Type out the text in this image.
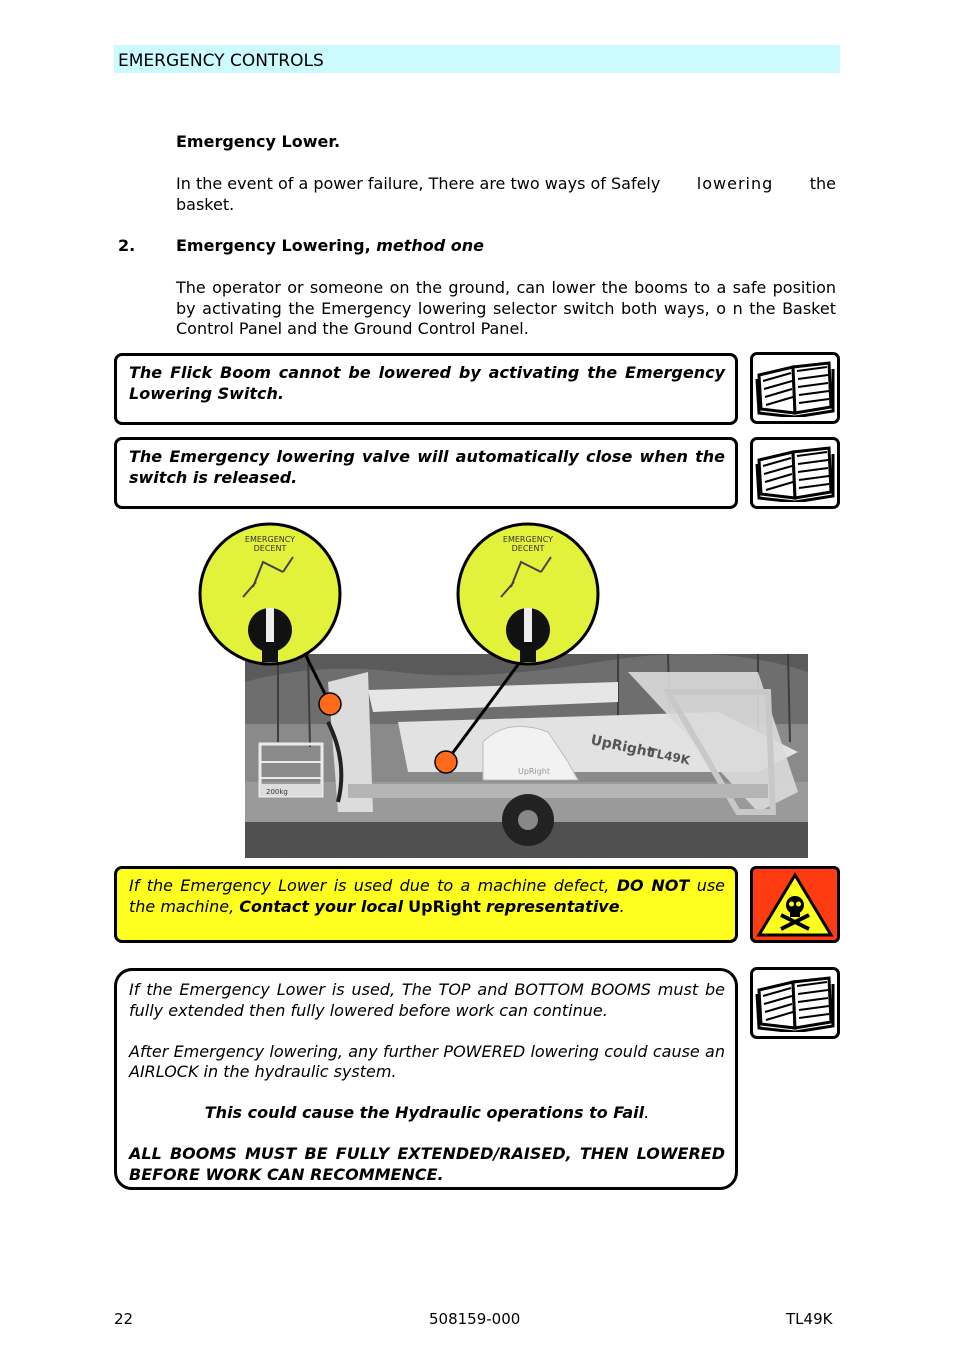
EMERGENCY CONTROLS
Emergency Lower.
In the event of a power failure, There are two ways of Safely lowering the
basket.
2.	Emergency Lowering, method one
The operator or someone on the ground, can lower the booms to a safe position by activating the Emergency lowering selector switch both ways, o n the Basket Control Panel and the Ground Control Panel.
The Flick Boom cannot be lowered by activating the Emergency Lowering Switch.
The Emergency lowering valve will automatically close when the switch is released.
200kg
UpRight
TL49K
UpRight
EMERGENCY
DECENT
EMERGENCY
DECENT
If the Emergency Lower is used due to a machine defect, DO NOT use the machine, Contact your local UpRight representative.
If the Emergency Lower is used, The TOP and BOTTOM BOOMS must be fully extended then fully lowered before work can continue.
After Emergency lowering, any further POWERED lowering could cause an AIRLOCK in the hydraulic system.
This could cause the Hydraulic operations to Fail.
ALL BOOMS MUST BE FULLY EXTENDED/RAISED, THEN LOWERED BEFORE WORK CAN RECOMMENCE.
22	508159-000	TL49K
